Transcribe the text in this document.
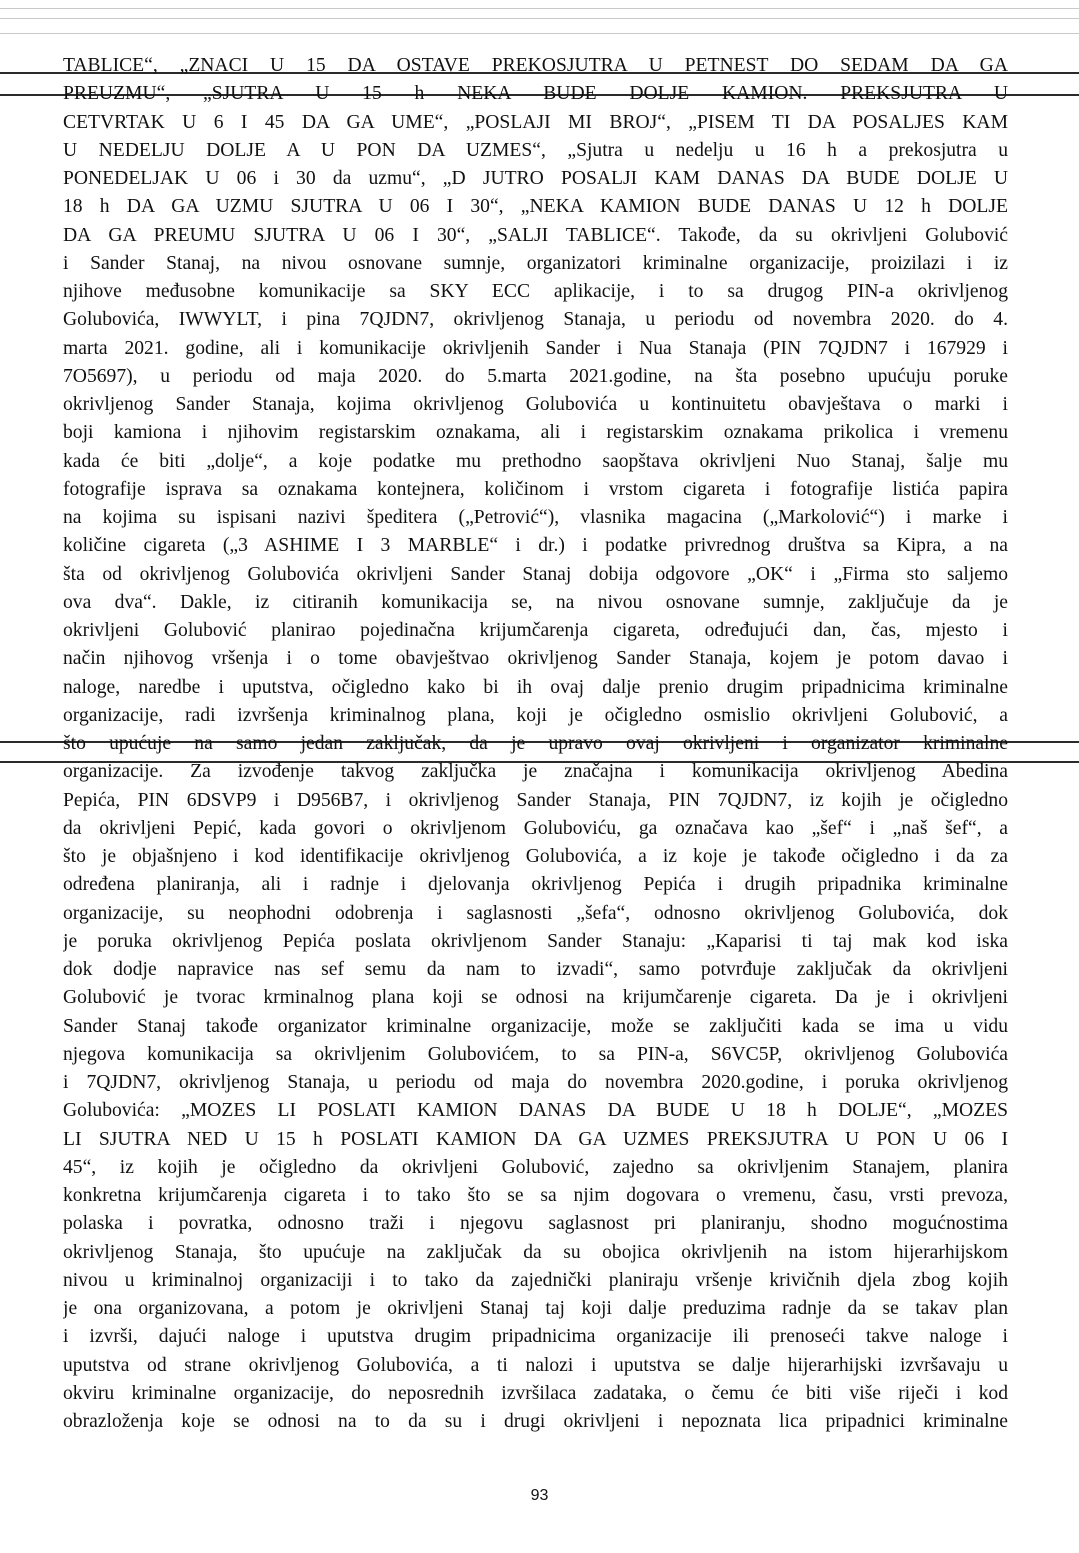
TABLICE“, „ZNACI U 15 DA OSTAVE PREKOSJUTRA U PETNEST DO SEDAM DA GA
PREUZMU“, „SJUTRA U 15 h NEKA BUDE DOLJE KAMION. PREKSJUTRA U
CETVRTAK U 6 I 45 DA GA UME“, „POSLAJI MI BROJ“, „PISEM TI DA POSALJES KAM
U NEDELJU DOLJE A U PON DA UZMES“, „Sjutra u nedelju u 16 h a prekosjutra u
PONEDELJAK U 06 i 30 da uzmu“, „D JUTRO POSALJI KAM DANAS DA BUDE DOLJE U
18 h DA GA UZMU SJUTRA U 06 I 30“, „NEKA KAMION BUDE DANAS U 12 h DOLJE
DA GA PREUMU SJUTRA U 06 I 30“, „SALJI TABLICE“. Takođe, da su okrivljeni Golubović
i Sander Stanaj, na nivou osnovane sumnje, organizatori kriminalne organizacije, proizilazi i iz
njihove međusobne komunikacije sa SKY ECC aplikacije, i to sa drugog PIN-a okrivljenog
Golubovića, IWWYLT, i pina 7QJDN7, okrivljenog Stanaja, u periodu od novembra 2020. do 4.
marta 2021. godine, ali i komunikacije okrivljenih Sander i Nua Stanaja (PIN 7QJDN7 i 167929 i
7O5697), u periodu od maja 2020. do 5.marta 2021.godine, na šta posebno upućuju poruke
okrivljenog Sander Stanaja, kojima okrivljenog Golubovića u kontinuitetu obavještava o marki i
boji kamiona i njihovim registarskim oznakama, ali i registarskim oznakama prikolica i vremenu
kada će biti „dolje“, a koje podatke mu prethodno saopštava okrivljeni Nuo Stanaj, šalje mu
fotografije isprava sa oznakama kontejnera, količinom i vrstom cigareta i fotografije listića papira
na kojima su ispisani nazivi špeditera („Petrović“), vlasnika magacina („Markolović“) i marke i
količine cigareta („3 ASHIME I 3 MARBLE“ i dr.) i podatke privrednog društva sa Kipra, a na
šta od okrivljenog Golubovića okrivljeni Sander Stanaj dobija odgovore „OK“ i „Firma sto saljemo
ova dva“. Dakle, iz citiranih komunikacija se, na nivou osnovane sumnje, zaključuje da je
okrivljeni Golubović planirao pojedinačna krijumčarenja cigareta, određujući dan, čas, mjesto i
način njihovog vršenja i o tome obavještvao okrivljenog Sander Stanaja, kojem je potom davao i
naloge, naredbe i uputstva, očigledno kako bi ih ovaj dalje prenio drugim pripadnicima kriminalne
organizacije, radi izvršenja kriminalnog plana, koji je očigledno osmislio okrivljeni Golubović, a
što upućuje na samo jedan zaključak, da je upravo ovaj okrivljeni i organizator kriminalne
organizacije. Za izvođenje takvog zaključka je značajna i komunikacija okrivljenog Abedina
Pepića, PIN 6DSVP9 i D956B7, i okrivljenog Sander Stanaja, PIN 7QJDN7, iz kojih je očigledno
da okrivljeni Pepić, kada govori o okrivljenom Goluboviću, ga označava kao „šef“ i „naš šef“, a
što je objašnjeno i kod identifikacije okrivljenog Golubovića, a iz koje je takođe očigledno i da za
određena planiranja, ali i radnje i djelovanja okrivljenog Pepića i drugih pripadnika kriminalne
organizacije, su neophodni odobrenja i saglasnosti „šefa“, odnosno okrivljenog Golubovića, dok
je poruka okrivljenog Pepića poslata okrivljenom Sander Stanaju: „Kaparisi ti taj mak kod iska
dok dodje napravice nas sef semu da nam to izvadi“, samo potvrđuje zaključak da okrivljeni
Golubović je tvorac krminalnog plana koji se odnosi na krijumčarenje cigareta. Da je i okrivljeni
Sander Stanaj takođe organizator kriminalne organizacije, može se zaključiti kada se ima u vidu
njegova komunikacija sa okrivljenim Golubovićem, to sa PIN-a, S6VC5P, okrivljenog Golubovića
i 7QJDN7, okrivljenog Stanaja, u periodu od maja do novembra 2020.godine, i poruka okrivljenog
Golubovića: „MOZES LI POSLATI KAMION DANAS DA BUDE U 18 h DOLJE“, „MOZES
LI SJUTRA NED U 15 h POSLATI KAMION DA GA UZMES PREKSJUTRA U PON U 06 I
45“, iz kojih je očigledno da okrivljeni Golubović, zajedno sa okrivljenim Stanajem, planira
konkretna krijumčarenja cigareta i to tako što se sa njim dogovara o vremenu, času, vrsti prevoza,
polaska i povratka, odnosno traži i njegovu saglasnost pri planiranju, shodno mogućnostima
okrivljenog Stanaja, što upućuje na zaključak da su obojica okrivljenih na istom hijerarhijskom
nivou u kriminalnoj organizaciji i to tako da zajednički planiraju vršenje krivičnih djela zbog kojih
je ona organizovana, a potom je okrivljeni Stanaj taj koji dalje preduzima radnje da se takav plan
i izvrši, dajući naloge i uputstva drugim pripadnicima organizacije ili prenoseći takve naloge i
uputstva od strane okrivljenog Golubovića, a ti nalozi i uputstva se dalje hijerarhijski izvršavaju u
okviru kriminalne organizacije, do neposrednih izvršilaca zadataka, o čemu će biti više riječi i kod
obrazloženja koje se odnosi na to da su i drugi okrivljeni i nepoznata lica pripadnici kriminalne
93
